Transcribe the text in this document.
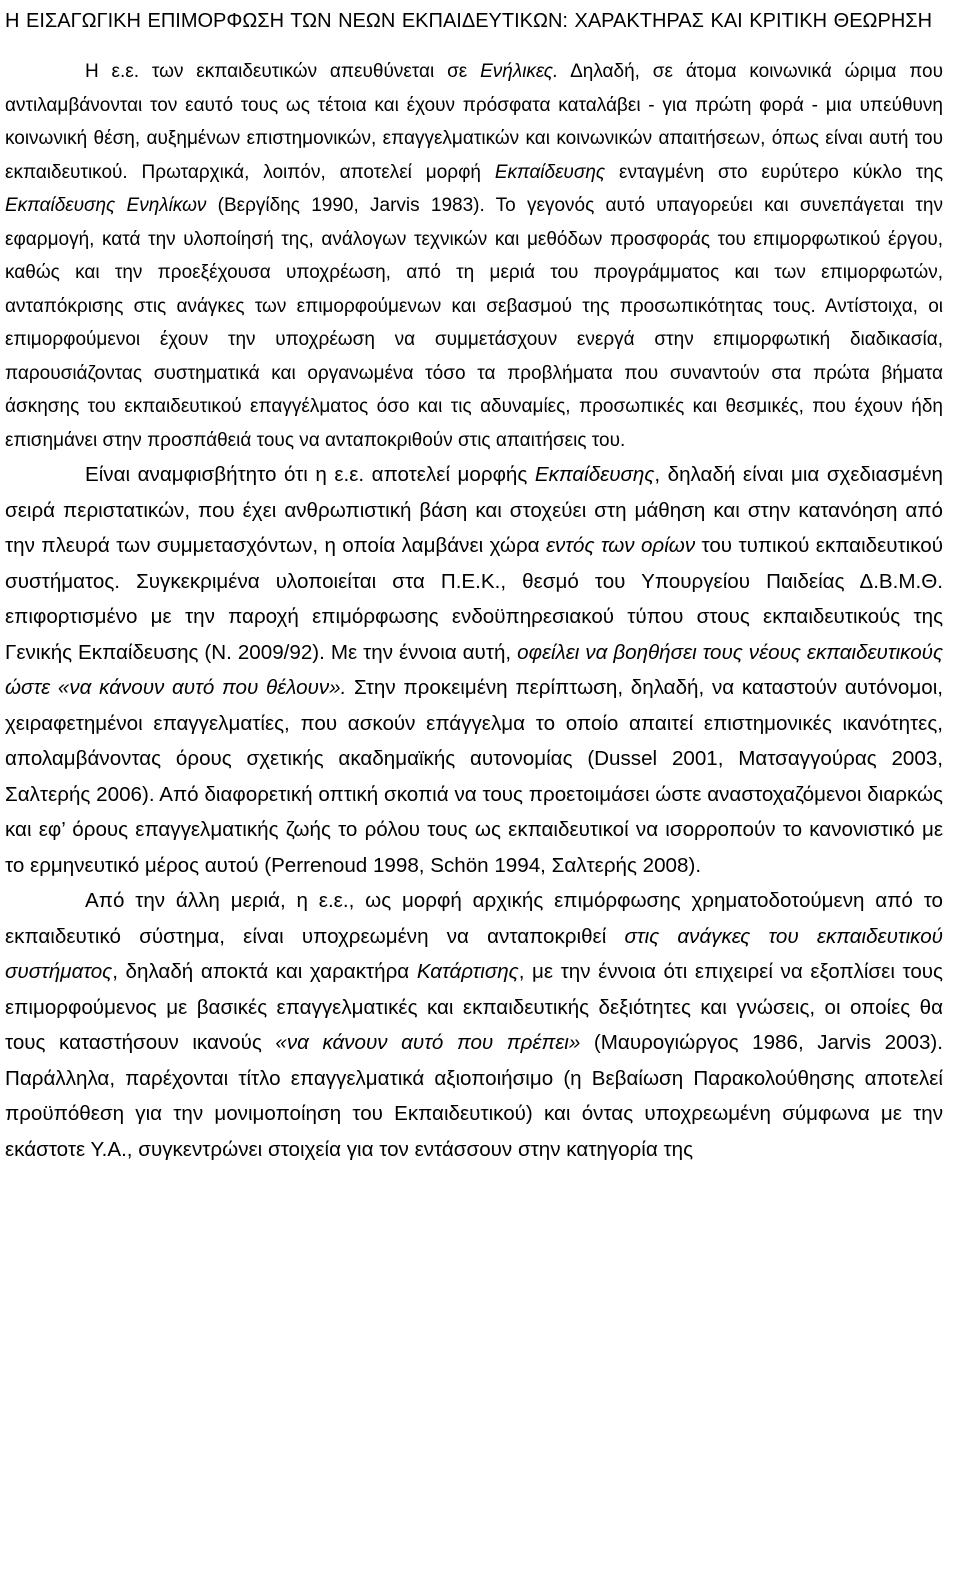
Η ΕΙΣΑΓΩΓΙΚΗ ΕΠΙΜΟΡΦΩΣΗ ΤΩΝ ΝΕΩΝ ΕΚΠΑΙΔΕΥΤΙΚΩΝ: ΧΑΡΑΚΤΗΡΑΣ ΚΑΙ ΚΡΙΤΙΚΗ ΘΕΩΡΗΣΗ

Η ε.ε. των εκπαιδευτικών απευθύνεται σε Ενήλικες. Δηλαδή, σε άτομα κοινωνικά ώριμα που αντιλαμβάνονται τον εαυτό τους ως τέτοια και έχουν πρόσφατα καταλάβει - για πρώτη φορά - μια υπεύθυνη κοινωνική θέση, αυξημένων επιστημονικών, επαγγελματικών και κοινωνικών απαιτήσεων, όπως είναι αυτή του εκπαιδευτικού. Πρωταρχικά, λοιπόν, αποτελεί μορφή Εκπαίδευσης ενταγμένη στο ευρύτερο κύκλο της Εκπαίδευσης Ενηλίκων (Βεργίδης 1990, Jarvis 1983). Το γεγονός αυτό υπαγορεύει και συνεπάγεται την εφαρμογή, κατά την υλοποίησή της, ανάλογων τεχνικών και μεθόδων προσφοράς του επιμορφωτικού έργου, καθώς και την προεξέχουσα υποχρέωση, από τη μεριά του προγράμματος και των επιμορφωτών, ανταπόκρισης στις ανάγκες των επιμορφούμενων και σεβασμού της προσωπικότητας τους. Αντίστοιχα, οι επιμορφούμενοι έχουν την υποχρέωση να συμμετάσχουν ενεργά στην επιμορφωτική διαδικασία, παρουσιάζοντας συστηματικά και οργανωμένα τόσο τα προβλήματα που συναντούν στα πρώτα βήματα άσκησης του εκπαιδευτικού επαγγέλματος όσο και τις αδυναμίες, προσωπικές και θεσμικές, που έχουν ήδη επισημάνει στην προσπάθειά τους να ανταποκριθούν στις απαιτήσεις του.

Είναι αναμφισβήτητο ότι η ε.ε. αποτελεί μορφής Εκπαίδευσης, δηλαδή είναι μια σχεδιασμένη σειρά περιστατικών, που έχει ανθρωπιστική βάση και στοχεύει στη μάθηση και στην κατανόηση από την πλευρά των συμμετασχόντων, η οποία λαμβάνει χώρα εντός των ορίων του τυπικού εκπαιδευτικού συστήματος. Συγκεκριμένα υλοποιείται στα Π.Ε.Κ., θεσμό του Υπουργείου Παιδείας Δ.Β.Μ.Θ. επιφορτισμένο με την παροχή επιμόρφωσης ενδοϋπηρεσιακού τύπου στους εκπαιδευτικούς της Γενικής Εκπαίδευσης (Ν. 2009/92). Με την έννοια αυτή, οφείλει να βοηθήσει τους νέους εκπαιδευτικούς ώστε «να κάνουν αυτό που θέλουν». Στην προκειμένη περίπτωση, δηλαδή, να καταστούν αυτόνομοι, χειραφετημένοι επαγγελματίες, που ασκούν επάγγελμα το οποίο απαιτεί επιστημονικές ικανότητες, απολαμβάνοντας όρους σχετικής ακαδημαϊκής αυτονομίας (Dussel 2001, Ματσαγγούρας 2003, Σαλτερής 2006). Από διαφορετική οπτική σκοπιά να τους προετοιμάσει ώστε αναστοχαζόμενοι διαρκώς και εφ’ όρους επαγγελματικής ζωής το ρόλου τους ως εκπαιδευτικοί να ισορροπούν το κανονιστικό με το ερμηνευτικό μέρος αυτού (Perrenoud 1998, Schön 1994, Σαλτερής 2008).

Από την άλλη μεριά, η ε.ε., ως μορφή αρχικής επιμόρφωσης χρηματοδοτούμενη από το εκπαιδευτικό σύστημα, είναι υποχρεωμένη να ανταποκριθεί στις ανάγκες του εκπαιδευτικού συστήματος, δηλαδή αποκτά και χαρακτήρα Κατάρτισης, με την έννοια ότι επιχειρεί να εξοπλίσει τους επιμορφούμενος με βασικές επαγγελματικές και εκπαιδευτικής δεξιότητες και γνώσεις, οι οποίες θα τους καταστήσουν ικανούς «να κάνουν αυτό που πρέπει» (Μαυρογιώργος 1986, Jarvis 2003). Παράλληλα, παρέχονται τίτλο επαγγελματικά αξιοποιήσιμο (η Βεβαίωση Παρακολούθησης αποτελεί προϋπόθεση για την μονιμοποίηση του Εκπαιδευτικού) και όντας υποχρεωμένη σύμφωνα με την εκάστοτε Υ.Α., συγκεντρώνει στοιχεία για τον εντάσσουν στην κατηγορία της
